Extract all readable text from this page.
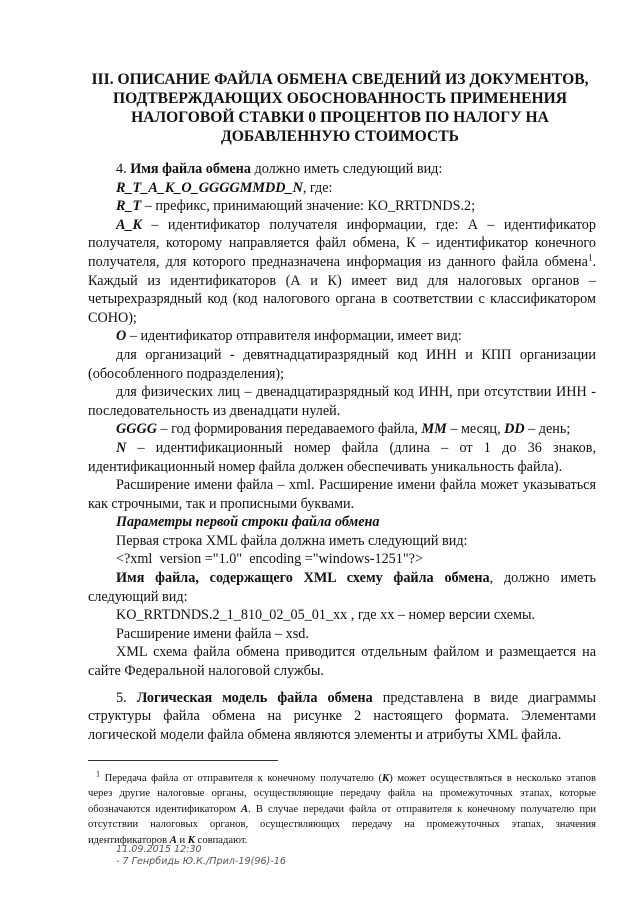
III. ОПИСАНИЕ ФАЙЛА ОБМЕНА СВЕДЕНИЙ ИЗ ДОКУМЕНТОВ, ПОДТВЕРЖДАЮЩИХ ОБОСНОВАННОСТЬ ПРИМЕНЕНИЯ НАЛОГОВОЙ СТАВКИ 0 ПРОЦЕНТОВ ПО НАЛОГУ НА ДОБАВЛЕННУЮ СТОИМОСТЬ

4. Имя файла обмена должно иметь следующий вид:

R_T_A_K_O_GGGGMMDD_N, где:

R_T – префикс, принимающий значение: KO_RRTDNDS.2;

A_K – идентификатор получателя информации, где: А – идентификатор получателя, которому направляется файл обмена, К – идентификатор конечного получателя, для которого предназначена информация из данного файла обмена$^1$. Каждый из идентификаторов (А и К) имеет вид для налоговых органов – четырехразрядный код (код налогового органа в соответствии с классификатором СОНО);

O – идентификатор отправителя информации, имеет вид:

для организаций - девятнадцатиразрядный код ИНН и КПП организации (обособленного подразделения);

для физических лиц – двенадцатиразрядный код ИНН, при отсутствии ИНН - последовательность из двенадцати нулей.

GGGG – год формирования передаваемого файла, MM – месяц, DD – день;

N – идентификационный номер файла (длина – от 1 до 36 знаков, идентификационный номер файла должен обеспечивать уникальность файла).

Расширение имени файла – xml. Расширение имени файла может указываться как строчными, так и прописными буквами.

Параметры первой строки файла обмена

Первая строка XML файла должна иметь следующий вид:

<?xml  version ="1.0"  encoding ="windows-1251"?>

Имя файла, содержащего XML схему файла обмена, должно иметь следующий вид:

KO_RRTDNDS.2_1_810_02_05_01_xx , где xx – номер версии схемы.

Расширение имени файла – xsd.

XML схема файла обмена приводится отдельным файлом и размещается на сайте Федеральной налоговой службы.

5. Логическая модель файла обмена представлена в виде диаграммы структуры файла обмена на рисунке 2 настоящего формата. Элементами логической модели файла обмена являются элементы и атрибуты XML файла.

$^1$ Передача файла от отправителя к конечному получателю (К) может осуществляться в несколько этапов через другие налоговые органы, осуществляющие передачу файла на промежуточных этапах, которые обозначаются идентификатором А. В случае передачи файла от отправителя к конечному получателю при отсутствии налоговых органов, осуществляющих передачу на промежуточных этапах, значения идентификаторов А и К совпадают.

11.09.2015 12:30
- 7 Генрбидь Ю.К./Прил-19(96)-16
